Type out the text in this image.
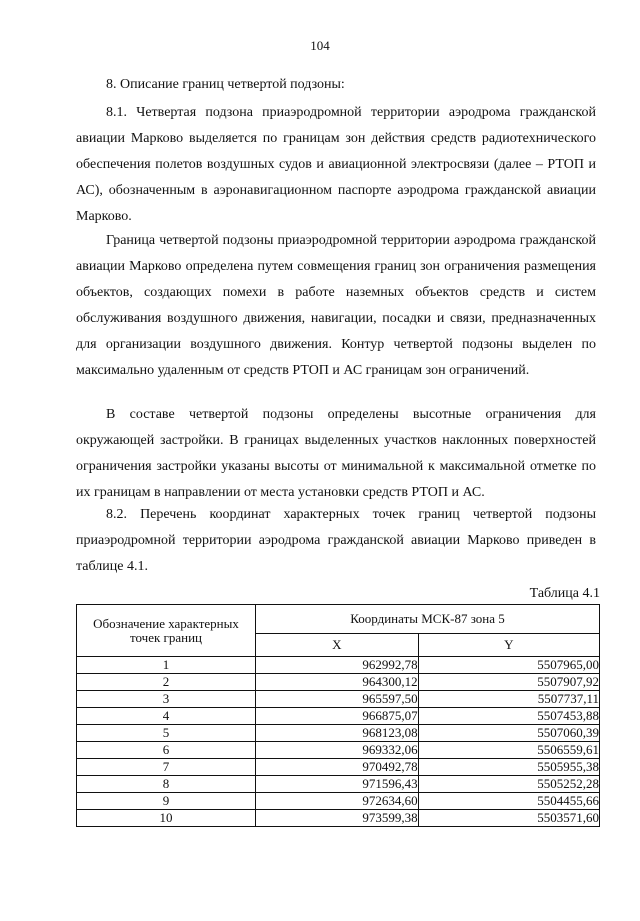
104

8. Описание границ четвертой подзоны:

8.1. Четвертая подзона приаэродромной территории аэродрома гражданской авиации Марково выделяется по границам зон действия средств радиотехнического обеспечения полетов воздушных судов и авиационной электросвязи (далее – РТОП и АС), обозначенным в аэронавигационном паспорте аэродрома гражданской авиации Марково.

Граница четвертой подзоны приаэродромной территории аэродрома гражданской авиации Марково определена путем совмещения границ зон ограничения размещения объектов, создающих помехи в работе наземных объектов средств и систем обслуживания воздушного движения, навигации, посадки и связи, предназначенных для организации воздушного движения. Контур четвертой подзоны выделен по максимально удаленным от средств РТОП и АС границам зон ограничений.

В составе четвертой подзоны определены высотные ограничения для окружающей застройки. В границах выделенных участков наклонных поверхностей ограничения застройки указаны высоты от минимальной к максимальной отметке по их границам в направлении от места установки средств РТОП и АС.

8.2. Перечень координат характерных точек границ четвертой подзоны приаэродромной территории аэродрома гражданской авиации Марково приведен в таблице 4.1.

Таблица 4.1
Обозначение характерных точек границ	Координаты МСК-87 зона 5	
	X	Y
1	962992,78	5507965,00
2	964300,12	5507907,92
3	965597,50	5507737,11
4	966875,07	5507453,88
5	968123,08	5507060,39
6	969332,06	5506559,61
7	970492,78	5505955,38
8	971596,43	5505252,28
9	972634,60	5504455,66
10	973599,38	5503571,60
